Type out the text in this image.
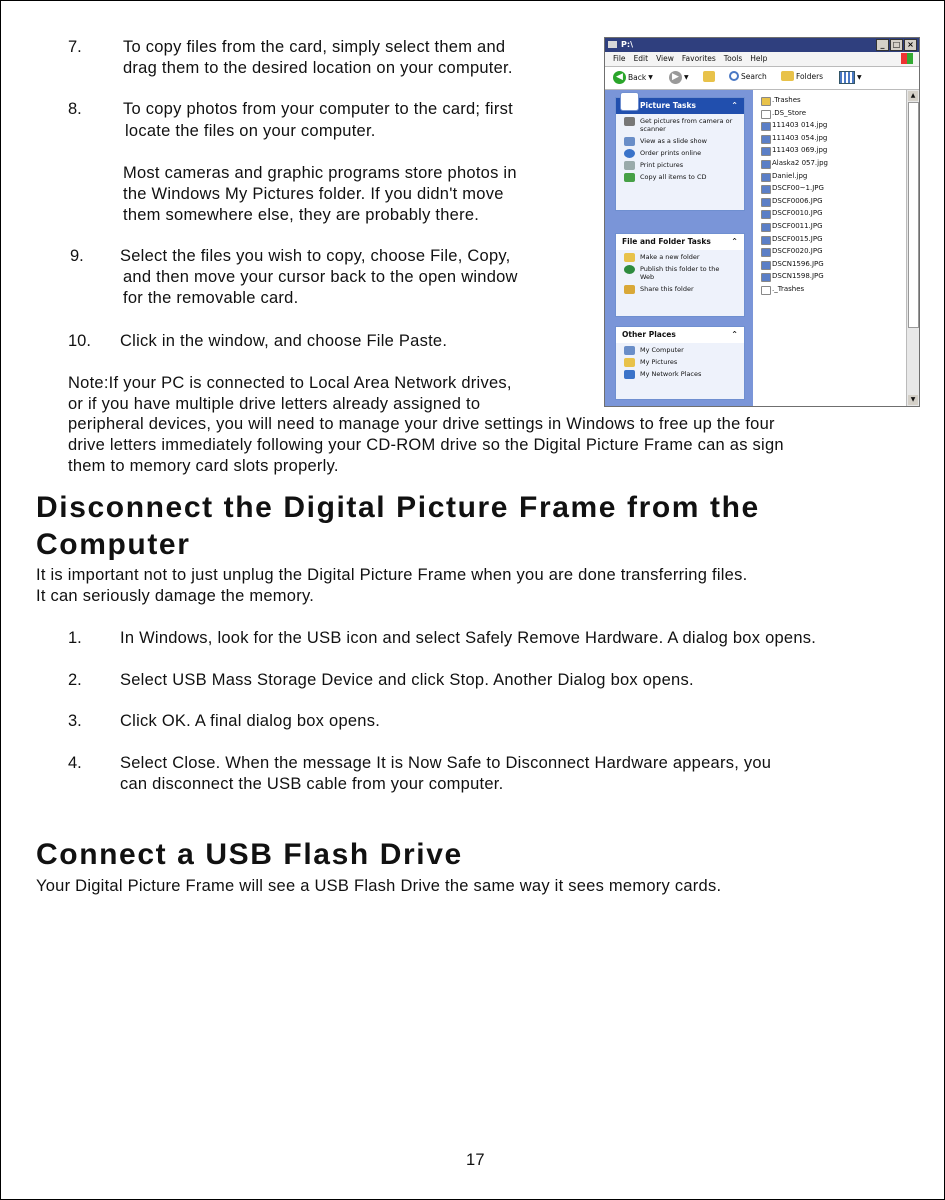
7. To copy files from the card, simply select them and
drag them to the desired location on your computer.
8. To copy photos from your computer to the card; first
locate the files on your computer.
Most cameras and graphic programs store photos in
the Windows My Pictures folder. If you didn't move
them somewhere else, they are probably there.
9. Select the files you wish to copy, choose File, Copy,
and then move your cursor back to the open window
for the removable card.
10. Click in the window, and choose File Paste.
Note:If your PC is connected to Local Area Network drives,
or if you have multiple drive letters already assigned to
peripheral devices, you will need to manage your drive settings in Windows to free up the four
drive letters immediately following your CD-ROM drive so the Digital Picture Frame can as sign
them to memory card slots properly.
Disconnect the Digital Picture Frame from the
Computer
It is important not to just unplug the Digital Picture Frame when you are done transferring files.
It can seriously damage the memory.
1. In Windows, look for the USB icon and select Safely Remove Hardware. A dialog box opens.
2. Select USB Mass Storage Device and click Stop. Another Dialog box opens.
3. Click OK. A final dialog box opens.
4. Select Close. When the message It is Now Safe to Disconnect Hardware appears, you
can disconnect the USB cable from your computer.
Connect a USB Flash Drive
Your Digital Picture Frame will see a USB Flash Drive the same way it sees memory cards.
17
P:\	_	□ ×
File Edit View Favorites Tools Help
◀ Back ▼	▶ ▼	Search	Folders	▼
Picture Tasks	⌃
Get pictures from camera or scanner
View as a slide show
Order prints online
Print pictures
Copy all items to CD
File and Folder Tasks	⌃
Make a new folder
Publish this folder to the Web
Share this folder
Other Places	⌃
My Computer
My Pictures
My Network Places
.Trashes
.DS_Store
111403 014.jpg
111403 054.jpg
111403 069.jpg
Alaska2 057.jpg
Daniel.jpg
DSCF00~1.JPG
DSCF0006.JPG
DSCF0010.JPG
DSCF0011.JPG
DSCF0015.JPG
DSCF0020.JPG
DSCN1596.JPG
DSCN1598.JPG
._Trashes
▲
▼
